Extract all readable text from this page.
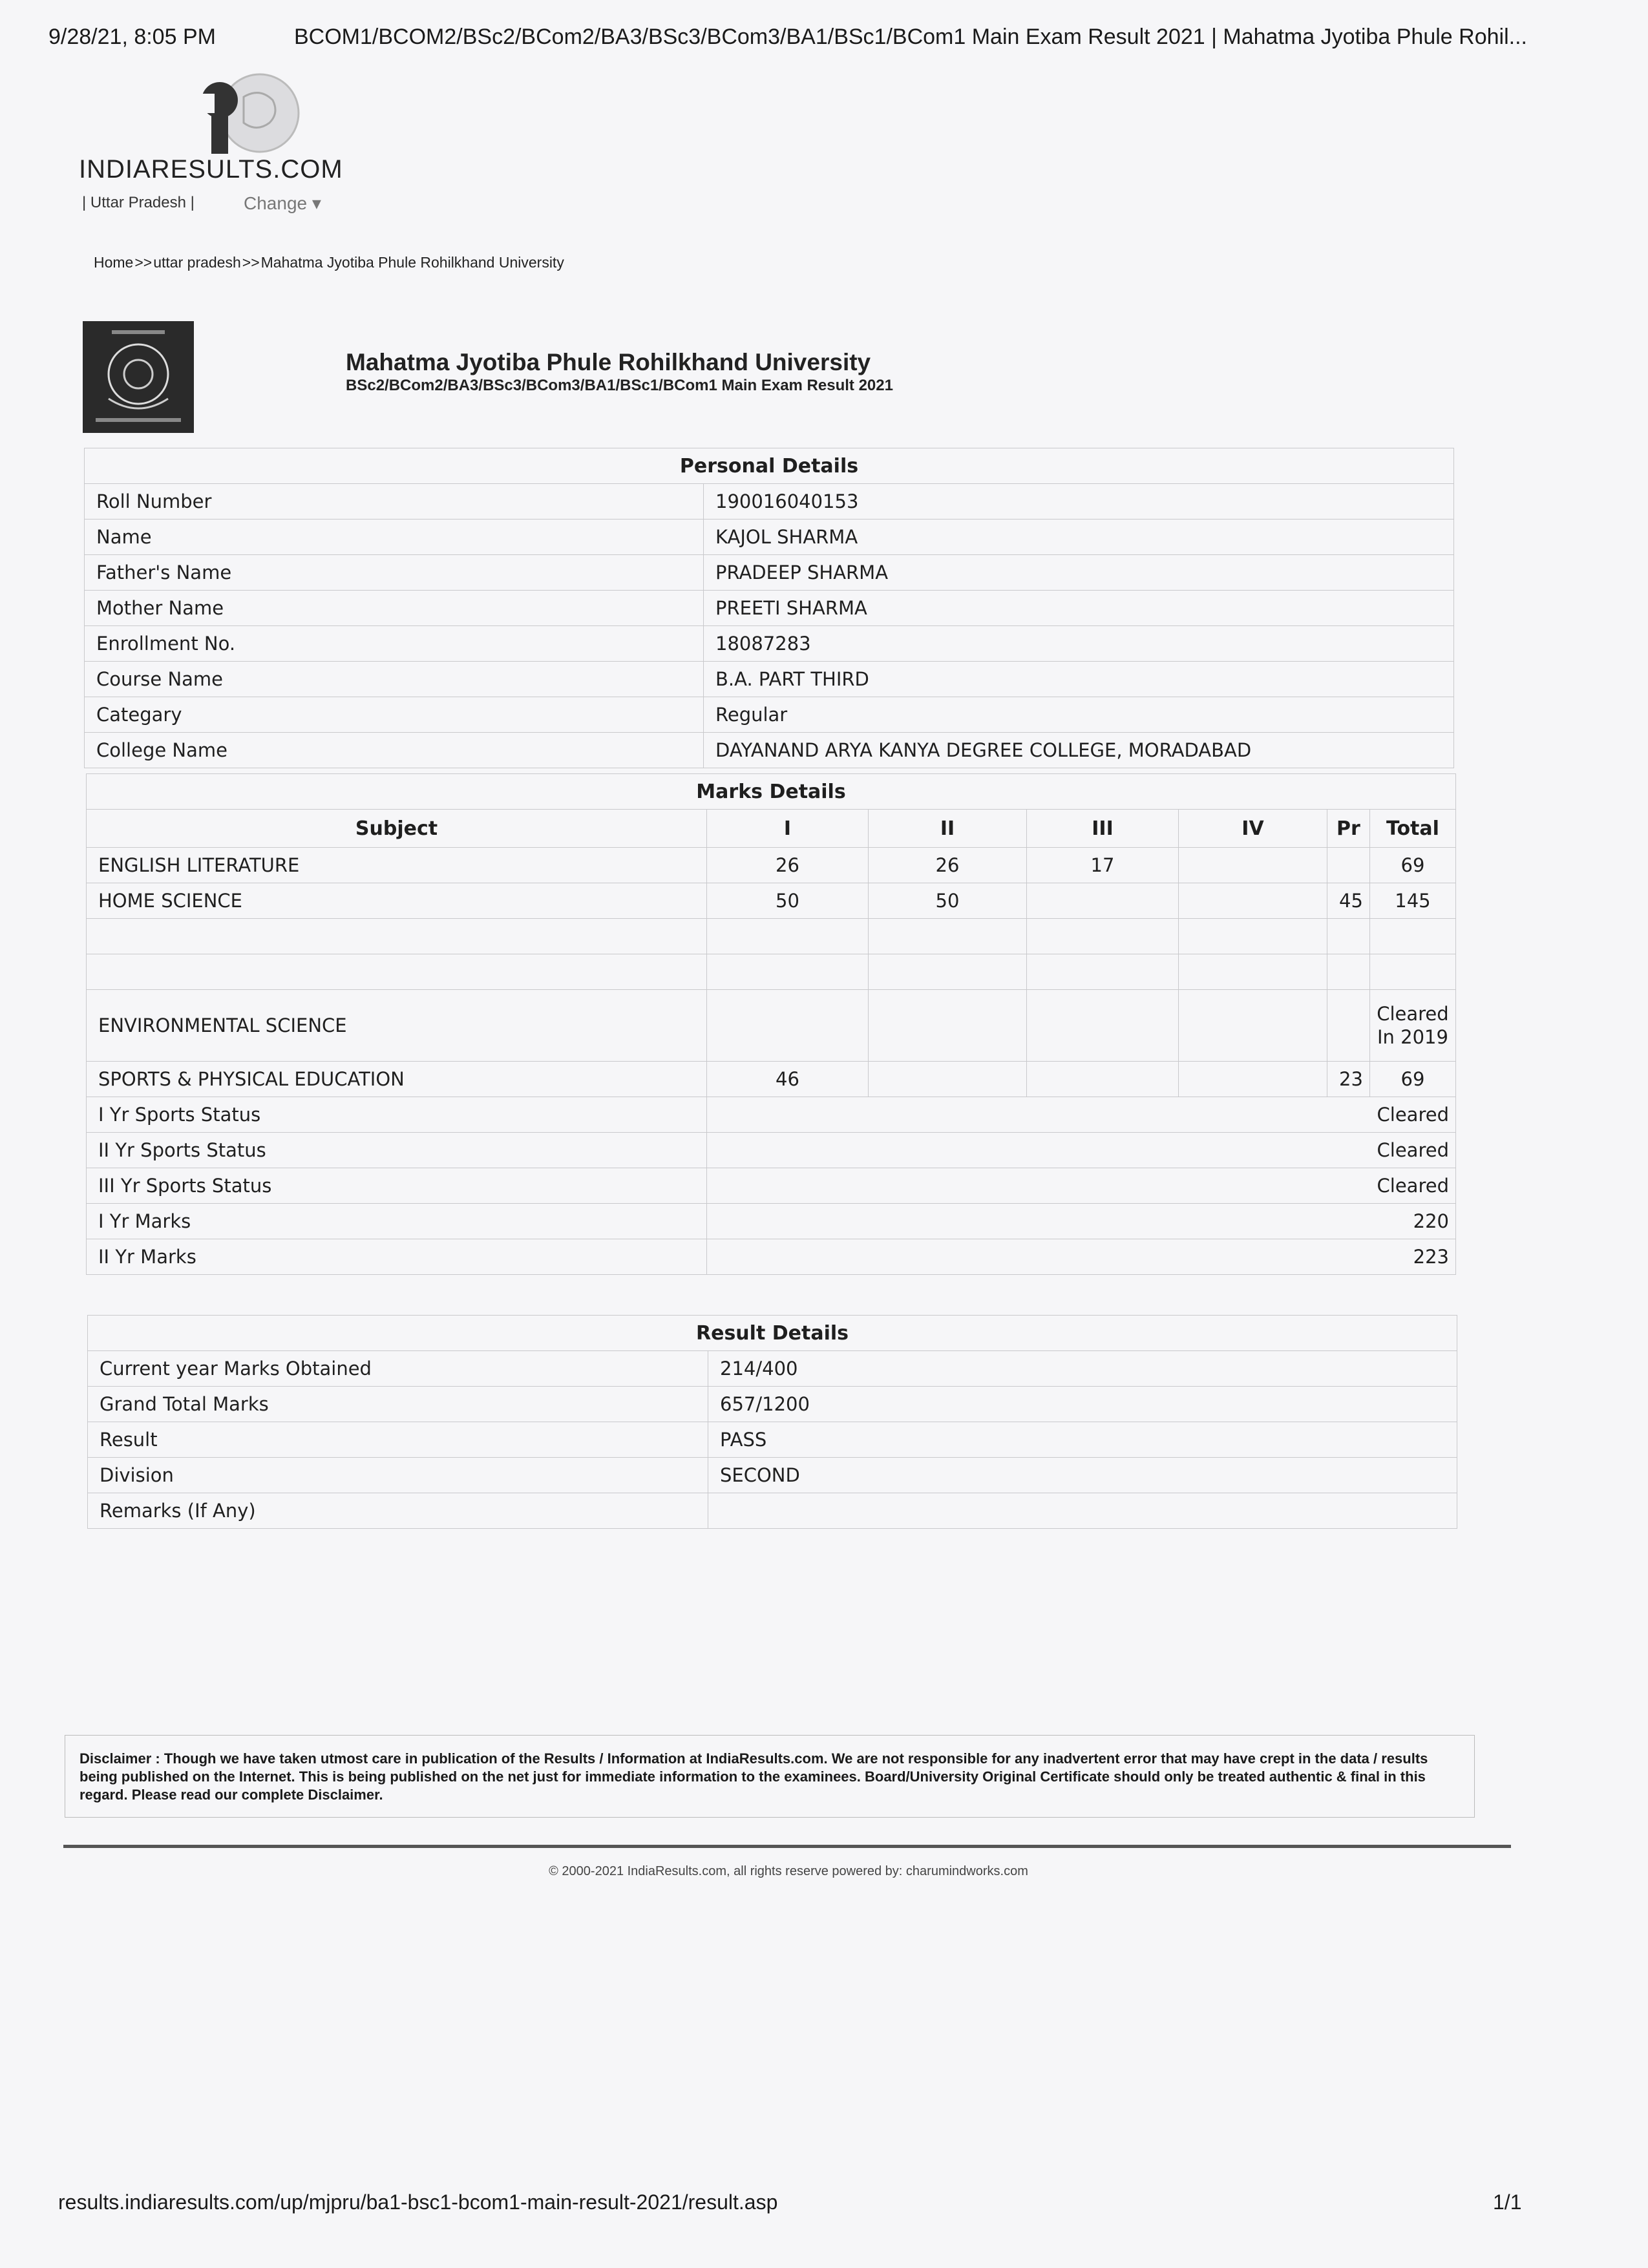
9/28/21, 8:05 PM	BCOM1/BCOM2/BSc2/BCom2/BA3/BSc3/BCom3/BA1/BSc1/BCom1 Main Exam Result 2021 | Mahatma Jyotiba Phule Rohil...
INDIARESULTS.COM
| Uttar Pradesh |	Change ▾
Home>>uttar pradesh>>Mahatma Jyotiba Phule Rohilkhand University
Mahatma Jyotiba Phule Rohilkhand University
BSc2/BCom2/BA3/BSc3/BCom3/BA1/BSc1/BCom1 Main Exam Result 2021
Personal Details	
Roll Number	190016040153
Name	KAJOL SHARMA
Father's Name	PRADEEP SHARMA
Mother Name	PREETI SHARMA
Enrollment No.	18087283
Course Name	B.A. PART THIRD
Categary	Regular
College Name	DAYANAND ARYA KANYA DEGREE COLLEGE, MORADABAD
Marks Details						
Subject	I	II	III	IV	Pr	Total
ENGLISH LITERATURE	26	26	17			69
HOME SCIENCE	50	50			45	145

ENVIRONMENTAL SCIENCE						Cleared In 2019
SPORTS & PHYSICAL EDUCATION	46				23	69
I Yr Sports Status	Cleared					
II Yr Sports Status	Cleared					
III Yr Sports Status	Cleared					
I Yr Marks	220					
II Yr Marks	223					
Result Details	
Current year Marks Obtained	214/400
Grand Total Marks	657/1200
Result	PASS
Division	SECOND
Remarks (If Any)	
Disclaimer : Though we have taken utmost care in publication of the Results / Information at IndiaResults.com. We are not responsible for any inadvertent error that may have crept in the data / results being published on the Internet. This is being published on the net just for immediate information to the examinees. Board/University Original Certificate should only be treated authentic & final in this regard. Please read our complete Disclaimer.
© 2000-2021 IndiaResults.com, all rights reserve powered by: charumindworks.com
results.indiaresults.com/up/mjpru/ba1-bsc1-bcom1-main-result-2021/result.asp	1/1
